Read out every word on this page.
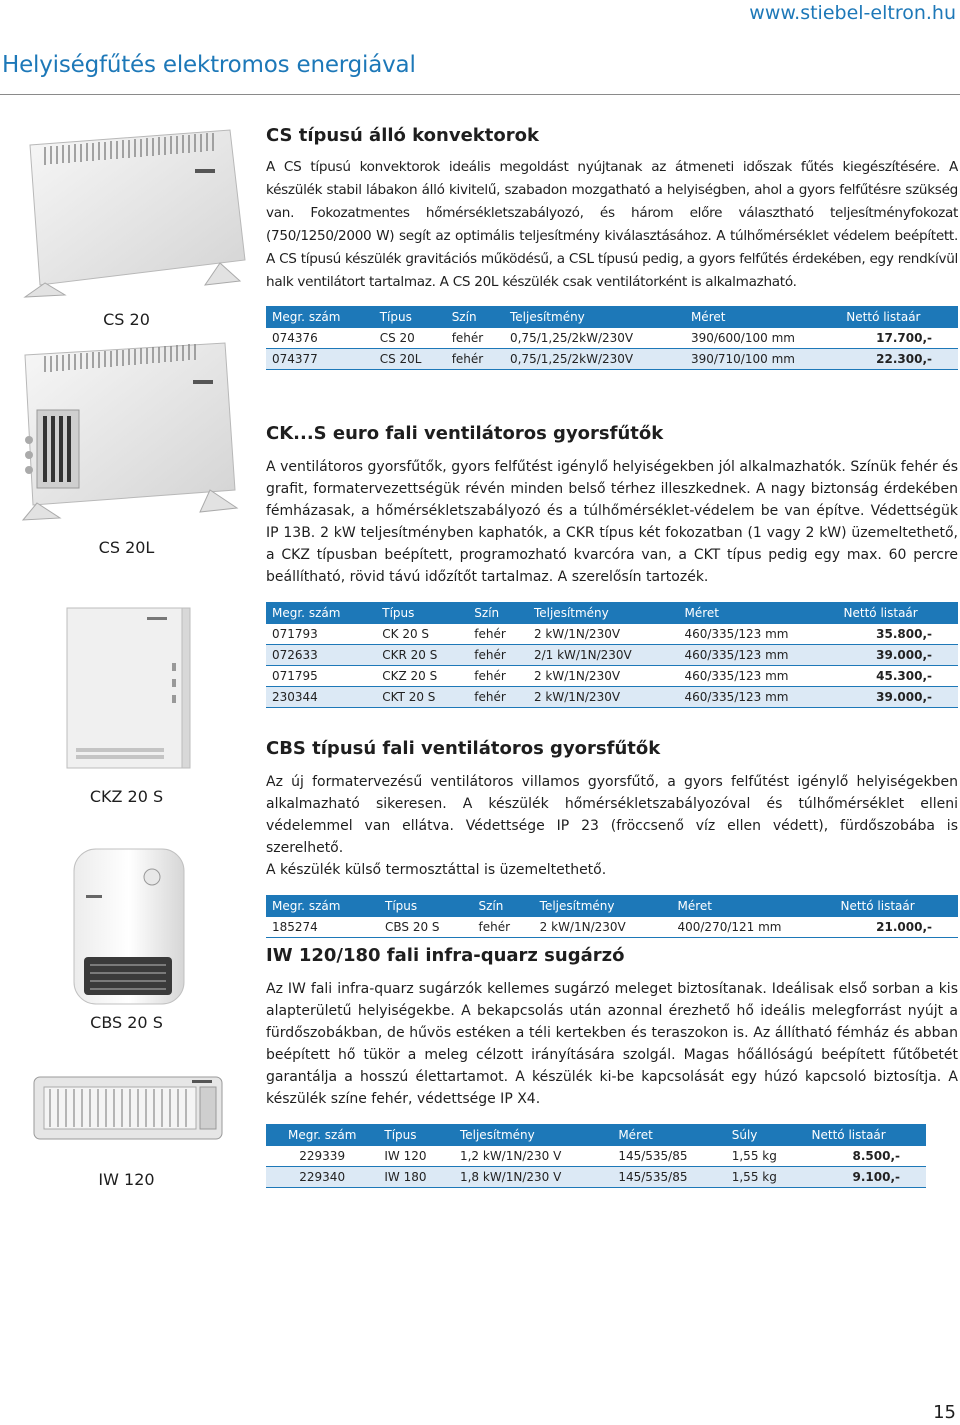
www.stiebel-eltron.hu
Helyiségfűtés elektromos energiával
CS 20
CS 20L
CKZ 20 S
CBS 20 S
IW 120
CS típusú álló konvektorok

A CS típusú konvektorok ideális megoldást nyújtanak az átmeneti időszak fűtés kiegészítésére. A készülék stabil lábakon álló kivitelű, szabadon mozgatható a helyiségben, ahol a gyors felfűtésre szükség van. Fokozatmentes hőmérsékletszabályozó, és három előre választható teljesítményfokozat (750/1250/2000 W) segít az optimális teljesítmény kiválasztásához. A túlhőmérséklet védelem beépített. A CS típusú készülék gravitációs működésű, a CSL típusú pedig, a gyors felfűtés érdekében, egy rendkívül halk ventilátort tartalmaz. A CS 20L készülék csak ventilátorként is alkalmazható.

Megr. szám	Típus	Szín	Teljesítmény	Méret	Nettó listaár
074376	CS 20	fehér	0,75/1,25/2kW/230V	390/600/100 mm	17.700,-
074377	CS 20L	fehér	0,75/1,25/2kW/230V	390/710/100 mm	22.300,-
CK...S euro fali ventilátoros gyorsfűtők

A ventilátoros gyorsfűtők, gyors felfűtést igénylő helyiségekben jól alkalmazhatók. Színük fehér és grafit, formatervezettségük révén minden belső térhez illeszkednek. A nagy biztonság érdekében fémházasak, a hőmérsékletszabályozó és a túlhőmérséklet-védelem be van építve. Védettségük IP 13B. 2 kW teljesítményben kaphatók, a CKR típus két fokozatban (1 vagy 2 kW) üzemeltethető, a CKZ típusban beépített, programozható kvarcóra van, a CKT típus pedig egy max. 60 percre beállítható, rövid távú időzítőt tartalmaz. A szerelősín tartozék.

Megr. szám	Típus	Szín	Teljesítmény	Méret	Nettó listaár
071793	CK 20 S	fehér	2 kW/1N/230V	460/335/123 mm	35.800,-
072633	CKR 20 S	fehér	2/1 kW/1N/230V	460/335/123 mm	39.000,-
071795	CKZ 20 S	fehér	2 kW/1N/230V	460/335/123 mm	45.300,-
230344	CKT 20 S	fehér	2 kW/1N/230V	460/335/123 mm	39.000,-
CBS típusú fali ventilátoros gyorsfűtők

Az új formatervezésű ventilátoros villamos gyorsfűtő, a gyors felfűtést igénylő helyiségekben alkalmazható sikeresen. A készülék hőmérsékletszabályozóval és túlhőmérséklet elleni védelemmel van ellátva. Védettsége IP 23 (fröccsenő víz ellen védett), fürdőszobába is szerelhető.

A készülék külső termosztáttal is üzemeltethető.

Megr. szám	Típus	Szín	Teljesítmény	Méret	Nettó listaár
185274	CBS 20 S	fehér	2 kW/1N/230V	400/270/121 mm	21.000,-
IW 120/180 fali infra-quarz sugárzó

Az IW fali infra-quarz sugárzók kellemes sugárzó meleget biztosítanak. Ideálisak első sorban a kis alapterületű helyiségekbe. A bekapcsolás után azonnal érezhető hő ideális melegforrást nyújt a fürdőszobákban, de hűvös estéken a téli kertekben és teraszokon is. Az állítható fémház és abban beépített hő tükör a meleg célzott irányítására szolgál. Magas hőállóságú beépített fűtőbetét garantálja a hosszú élettartamot. A készülék ki-be kapcsolását egy húzó kapcsoló biztosítja. A készülék színe fehér, védettsége IP X4.

Megr. szám	Típus	Teljesítmény	Méret	Súly	Nettó listaár
229339	IW 120	1,2 kW/1N/230 V	145/535/85	1,55 kg	8.500,-
229340	IW 180	1,8 kW/1N/230 V	145/535/85	1,55 kg	9.100,-
15
